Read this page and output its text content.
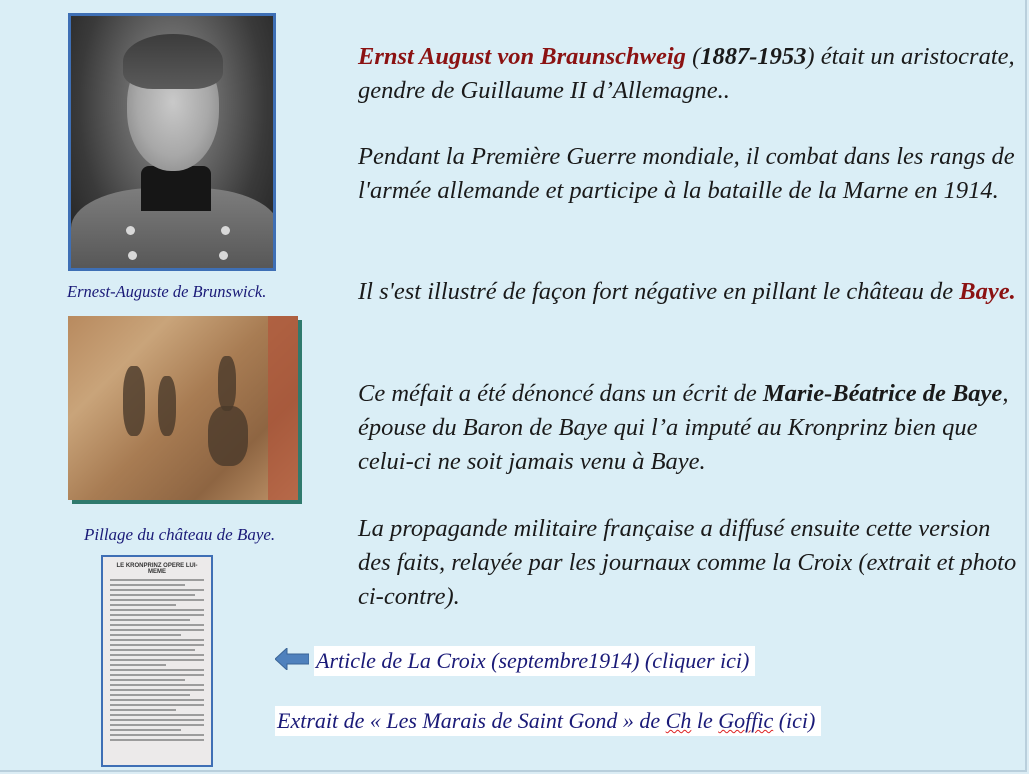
Ernest-Auguste de Brunswick.
Pillage du château de Baye.
LE KRONPRINZ OPERE LUI-MEME
Ernst August von Braunschweig (1887-1953) était un aristocrate, gendre de Guillaume II d’Allemagne..
Pendant la Première Guerre mondiale, il combat dans les rangs de l'armée allemande et participe à la bataille de la Marne en 1914.
Il s'est illustré de façon fort négative en pillant le château de Baye.
Ce méfait a été dénoncé dans un écrit de Marie-Béatrice de Baye, épouse du Baron de Baye qui l’a imputé au Kronprinz bien que celui-ci ne soit jamais venu à Baye.
La propagande militaire française a diffusé ensuite cette version des faits, relayée par les journaux comme la Croix (extrait et photo ci-contre).
Article de La Croix (septembre1914) (cliquer ici)
Extrait de « Les Marais de Saint Gond » de Ch le Goffic (ici)
